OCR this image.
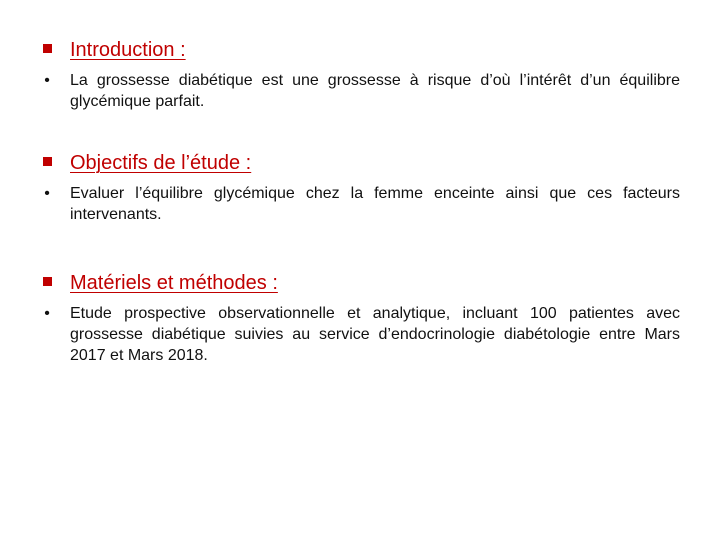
Introduction :
• La grossesse diabétique est une grossesse à risque d’où l’intérêt d’un équilibre glycémique parfait.
Objectifs de l’étude :
• Evaluer l’équilibre glycémique chez la femme enceinte ainsi que ces facteurs intervenants.
Matériels et méthodes :
• Etude prospective observationnelle et analytique, incluant 100 patientes avec grossesse diabétique suivies au service d’endocrinologie diabétologie entre Mars 2017 et Mars 2018.
